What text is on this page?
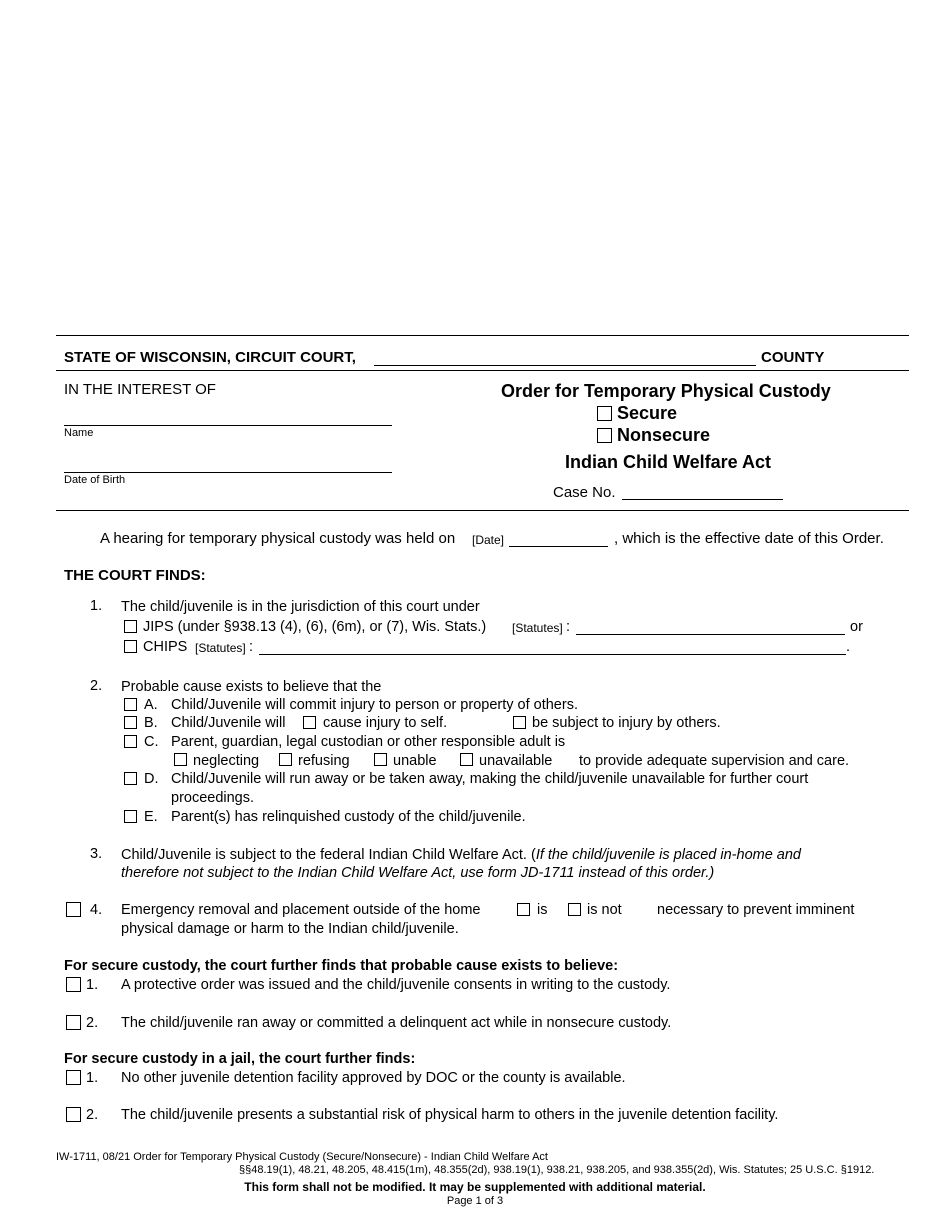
STATE OF WISCONSIN, CIRCUIT COURT,	COUNTY
IN THE INTEREST OF
Name
Date of Birth
Order for Temporary Physical Custody
Secure
Nonsecure
Indian Child Welfare Act
Case No.
A hearing for temporary physical custody was held on [Date]	, which is the effective date of this Order.
THE COURT FINDS:
1. The child/juvenile is in the jurisdiction of this court under
JIPS (under §938.13 (4), (6), (6m), or (7), Wis. Stats.) [Statutes] :	or
CHIPS [Statutes] :	.
2. Probable cause exists to believe that the
A. Child/Juvenile will commit injury to person or property of others.
B. Child/Juvenile will	cause injury to self.	be subject to injury by others.
C. Parent, guardian, legal custodian or other responsible adult is
neglecting	refusing	unable	unavailable to provide adequate supervision and care.
D. Child/Juvenile will run away or be taken away, making the child/juvenile unavailable for further court
proceedings.
E. Parent(s) has relinquished custody of the child/juvenile.
3. Child/Juvenile is subject to the federal Indian Child Welfare Act. (If the child/juvenile is placed in-home and
therefore not subject to the Indian Child Welfare Act, use form JD-1711 instead of this order.)
4. Emergency removal and placement outside of the home	is	is not necessary to prevent imminent
physical damage or harm to the Indian child/juvenile.
For secure custody, the court further finds that probable cause exists to believe:
1. A protective order was issued and the child/juvenile consents in writing to the custody.
2. The child/juvenile ran away or committed a delinquent act while in nonsecure custody.
For secure custody in a jail, the court further finds:
1. No other juvenile detention facility approved by DOC or the county is available.
2. The child/juvenile presents a substantial risk of physical harm to others in the juvenile detention facility.
IW-1711, 08/21 Order for Temporary Physical Custody (Secure/Nonsecure) - Indian Child Welfare Act
§§48.19(1), 48.21, 48.205, 48.415(1m), 48.355(2d), 938.19(1), 938.21, 938.205, and 938.355(2d), Wis. Statutes; 25 U.S.C. §1912.
This form shall not be modified. It may be supplemented with additional material.
Page 1 of 3
